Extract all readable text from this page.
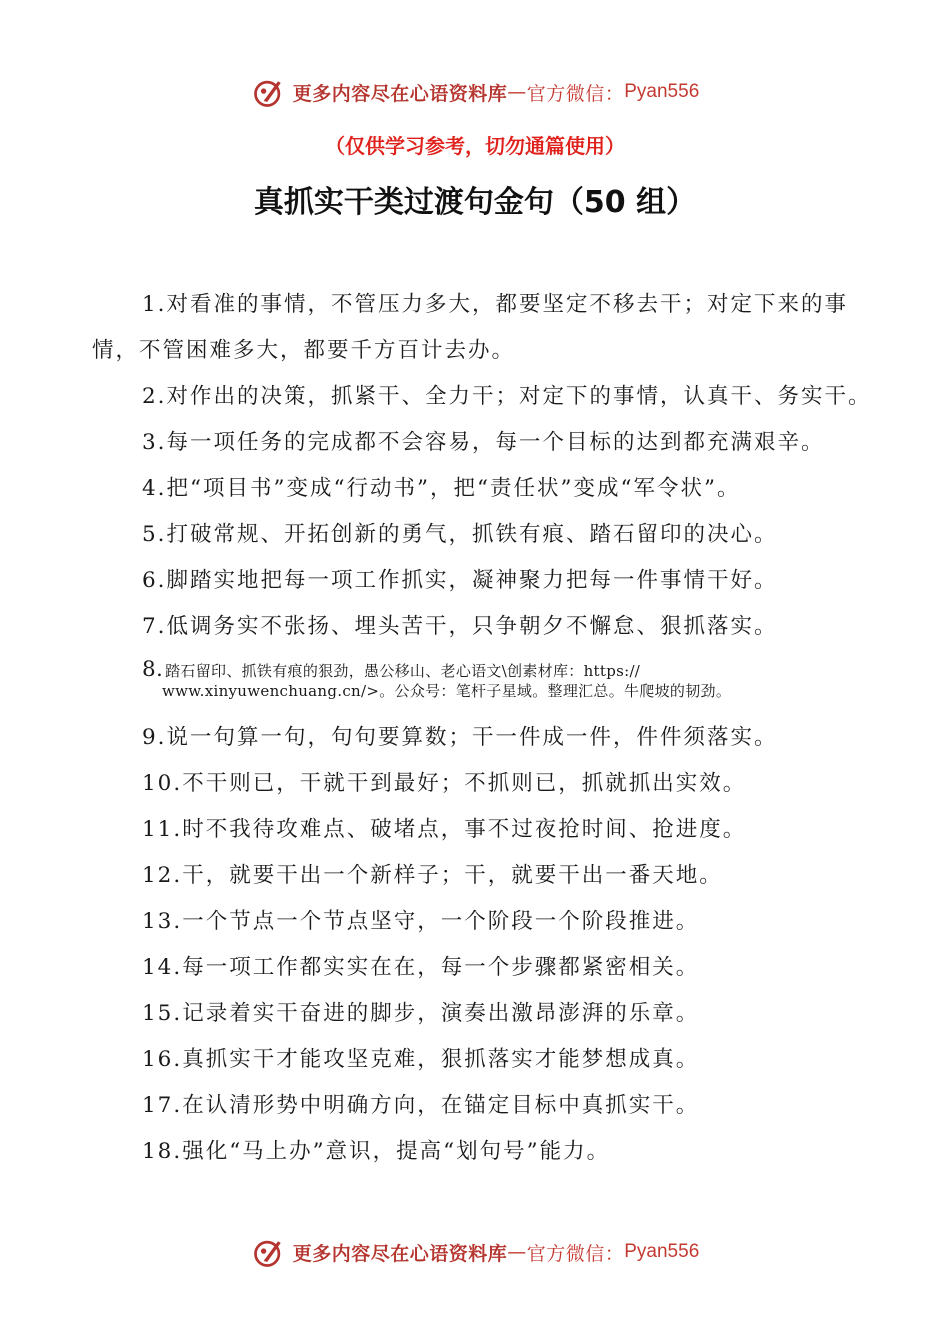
更多内容尽在心语资料库 — 官方微信： Pyan556
（仅供学习参考，切勿通篇使用）
真抓实干类过渡句金句（50 组）

1.对看准的事情，不管压力多大，都要坚定不移去干；对定下来的事情，不管困难多大，都要千方百计去办。

2.对作出的决策，抓紧干、全力干；对定下的事情，认真干、务实干。

3.每一项任务的完成都不会容易，每一个目标的达到都充满艰辛。

4.把“项目书”变成“行动书”，把“责任状”变成“军令状”。

5.打破常规、开拓创新的勇气，抓铁有痕、踏石留印的决心。

6.脚踏实地把每一项工作抓实，凝神聚力把每一件事情干好。

7.低调务实不张扬、埋头苦干，只争朝夕不懈怠、狠抓落实。

8. 踏石留印、抓铁有痕的狠劲，愚公移山、老心语文\创素材库：https://
www.xinyuwenchuang.cn/>。公众号：笔杆子星域。整理汇总。牛爬坡的韧劲。

9.说一句算一句，句句要算数；干一件成一件，件件须落实。

10.不干则已，干就干到最好；不抓则已，抓就抓出实效。

11.时不我待攻难点、破堵点，事不过夜抢时间、抢进度。

12.干，就要干出一个新样子；干，就要干出一番天地。

13.一个节点一个节点坚守，一个阶段一个阶段推进。

14.每一项工作都实实在在，每一个步骤都紧密相关。

15.记录着实干奋进的脚步，演奏出激昂澎湃的乐章。

16.真抓实干才能攻坚克难，狠抓落实才能梦想成真。

17.在认清形势中明确方向，在锚定目标中真抓实干。

18.强化“马上办”意识，提高“划句号”能力。

更多内容尽在心语资料库 — 官方微信： Pyan556
